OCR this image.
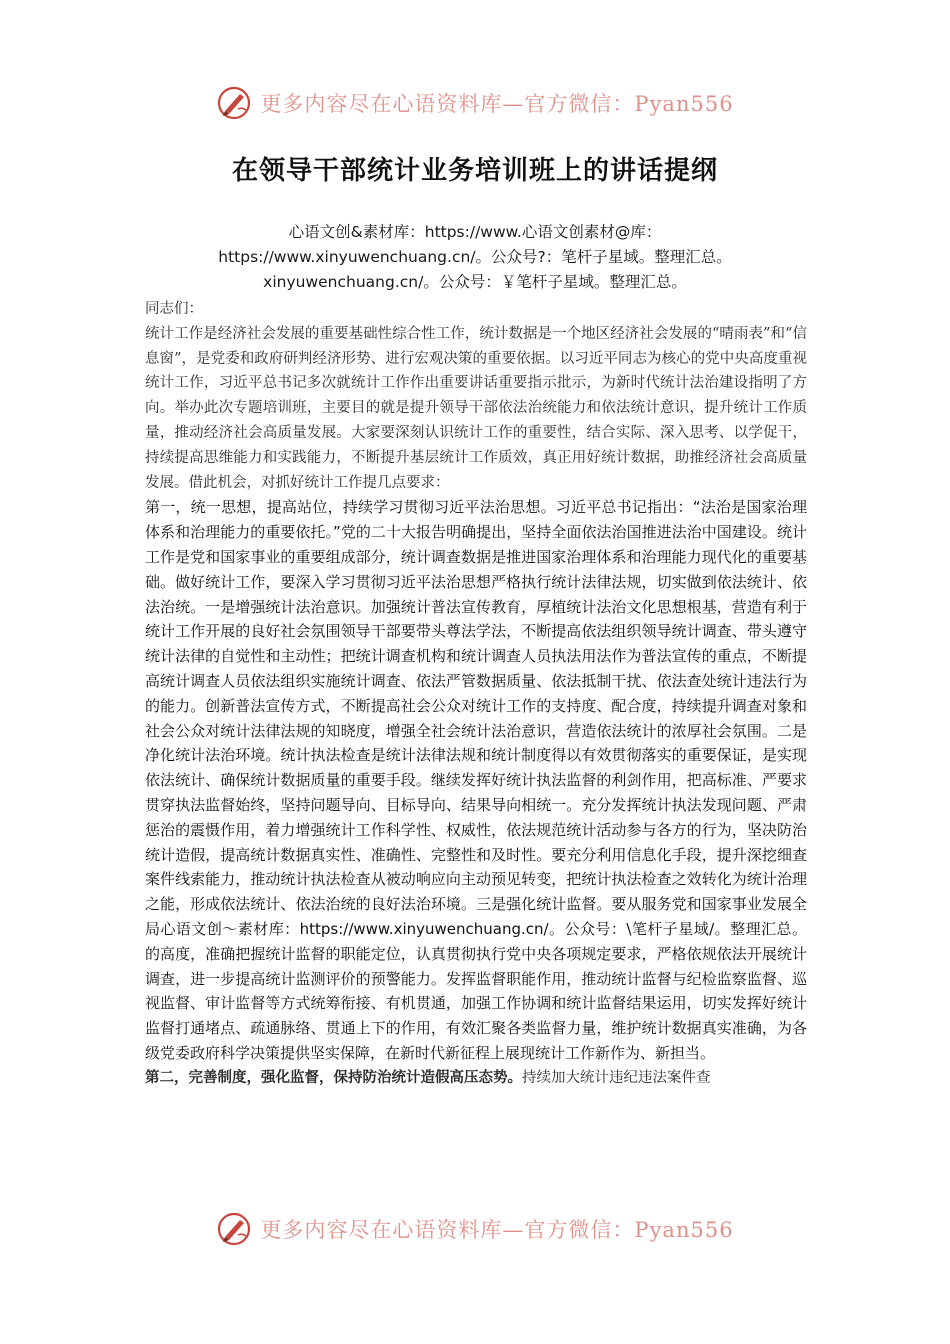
更多内容尽在心语资料库—官方微信：Pyan556
在领导干部统计业务培训班上的讲话提纲
心语文创&素材库：https://www.心语文创素材@库：https://www.xinyuwenchuang.cn/。公众号?：笔杆子星域。整理汇总。xinyuwenchuang.cn/。公众号：￥笔杆子星域。整理汇总。

同志们：

统计工作是经济社会发展的重要基础性综合性工作，统计数据是一个地区经济社会发展的“晴雨表”和“信息窗”，是党委和政府研判经济形势、进行宏观决策的重要依据。以习近平同志为核心的党中央高度重视统计工作，习近平总书记多次就统计工作作出重要讲话重要指示批示，为新时代统计法治建设指明了方向。举办此次专题培训班，主要目的就是提升领导干部依法治统能力和依法统计意识，提升统计工作质量，推动经济社会高质量发展。大家要深刻认识统计工作的重要性，结合实际、深入思考、以学促干，持续提高思维能力和实践能力，不断提升基层统计工作质效，真正用好统计数据，助推经济社会高质量发展。借此机会，对抓好统计工作提几点要求：

第一，统一思想，提高站位，持续学习贯彻习近平法治思想。习近平总书记指出：“法治是国家治理体系和治理能力的重要依托。”党的二十大报告明确提出，坚持全面依法治国推进法治中国建设。统计工作是党和国家事业的重要组成部分，统计调查数据是推进国家治理体系和治理能力现代化的重要基础。做好统计工作，要深入学习贯彻习近平法治思想严格执行统计法律法规，切实做到依法统计、依法治统。一是增强统计法治意识。加强统计普法宣传教育，厚植统计法治文化思想根基，营造有利于统计工作开展的良好社会氛围领导干部要带头尊法学法，不断提高依法组织领导统计调查、带头遵守统计法律的自觉性和主动性；把统计调查机构和统计调查人员执法用法作为普法宣传的重点，不断提高统计调查人员依法组织实施统计调查、依法严管数据质量、依法抵制干扰、依法查处统计违法行为的能力。创新普法宣传方式，不断提高社会公众对统计工作的支持度、配合度，持续提升调查对象和社会公众对统计法律法规的知晓度，增强全社会统计法治意识，营造依法统计的浓厚社会氛围。二是净化统计法治环境。统计执法检查是统计法律法规和统计制度得以有效贯彻落实的重要保证，是实现依法统计、确保统计数据质量的重要手段。继续发挥好统计执法监督的利剑作用，把高标准、严要求贯穿执法监督始终，坚持问题导向、目标导向、结果导向相统一。充分发挥统计执法发现问题、严肃惩治的震慑作用，着力增强统计工作科学性、权威性，依法规范统计活动参与各方的行为，坚决防治统计造假，提高统计数据真实性、准确性、完整性和及时性。要充分利用信息化手段，提升深挖细查案件线索能力，推动统计执法检查从被动响应向主动预见转变，把统计执法检查之效转化为统计治理之能，形成依法统计、依法治统的良好法治环境。三是强化统计监督。要从服务党和国家事业发展全局心语文创～素材库：https://www.xinyuwenchuang.cn/。公众号：\笔杆子星域/。整理汇总。的高度，准确把握统计监督的职能定位，认真贯彻执行党中央各项规定要求，严格依规依法开展统计调查，进一步提高统计监测评价的预警能力。发挥监督职能作用，推动统计监督与纪检监察监督、巡视监督、审计监督等方式统筹衔接、有机贯通，加强工作协调和统计监督结果运用，切实发挥好统计监督打通堵点、疏通脉络、贯通上下的作用，有效汇聚各类监督力量，维护统计数据真实准确，为各级党委政府科学决策提供坚实保障，在新时代新征程上展现统计工作新作为、新担当。

第二，完善制度，强化监督，保持防治统计造假高压态势。持续加大统计违纪违法案件查

更多内容尽在心语资料库—官方微信：Pyan556
